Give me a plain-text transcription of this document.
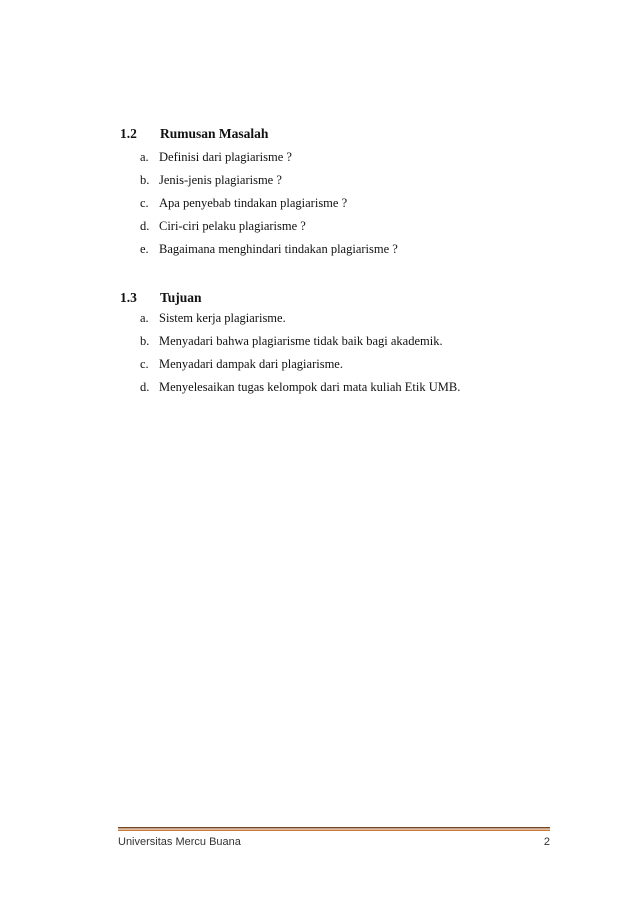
1.2 Rumusan Masalah
a. Definisi dari plagiarisme ?
b. Jenis-jenis plagiarisme ?
c. Apa penyebab tindakan plagiarisme ?
d. Ciri-ciri pelaku plagiarisme ?
e. Bagaimana menghindari tindakan plagiarisme ?
1.3 Tujuan
a. Sistem kerja plagiarisme.
b. Menyadari bahwa plagiarisme tidak baik bagi akademik.
c. Menyadari dampak dari plagiarisme.
d. Menyelesaikan tugas kelompok dari mata kuliah Etik UMB.
Universitas Mercu Buana	2
